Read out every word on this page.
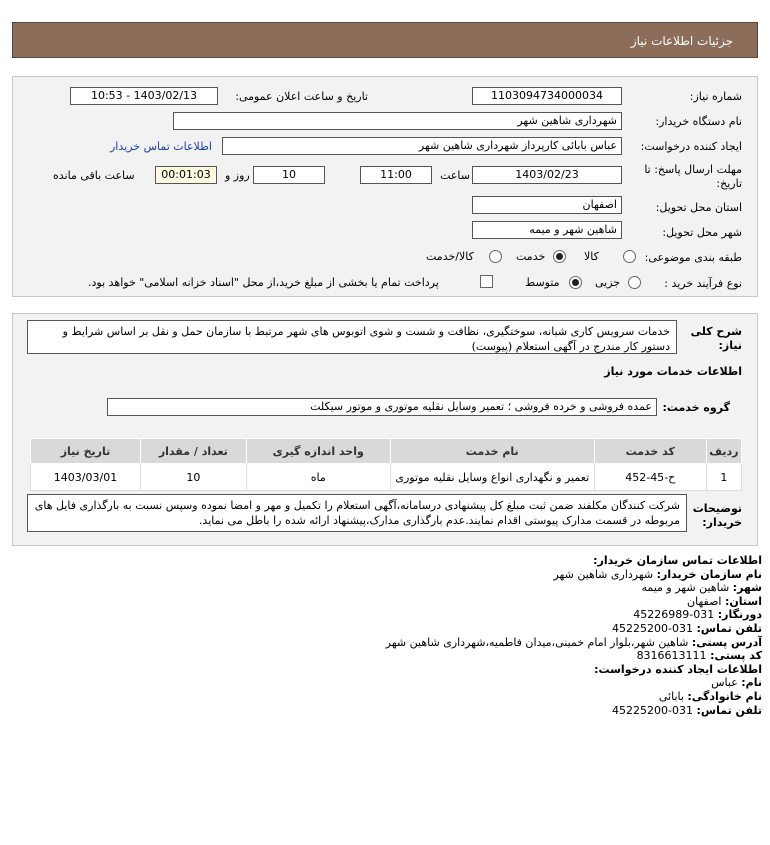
جزئیات اطلاعات نیاز
شماره نیاز:
1103094734000034
تاریخ و ساعت اعلان عمومی:
1403/02/13 - 10:53
نام دستگاه خریدار:
شهرداری شاهین شهر
ایجاد کننده درخواست:
عباس بابائی کارپرداز شهرداری شاهین شهر
اطلاعات تماس خریدار
مهلت ارسال پاسخ: تا
تاریخ:
1403/02/23
ساعت
11:00
10
روز و
00:01:03
ساعت باقی مانده
استان محل تحویل:
اصفهان
شهر محل تحویل:
شاهین شهر و میمه
طبقه بندی موضوعی:
کالا
خدمت
کالا/خدمت
نوع فرآیند خرید :
جزیی
متوسط
پرداخت تمام یا بخشی از مبلغ خرید،از محل "اسناد خزانه اسلامی" خواهد بود.
شرح کلی
نیاز:
خدمات سرویس کاری شبانه، سوختگیری، نظافت و شست و شوی اتوبوس های شهر مرتبط با سازمان حمل و نقل بر اساس شرایط و دستور کار مندرج در آگهی استعلام (پیوست)
اطلاعات خدمات مورد نیاز
گروه خدمت:
عمده فروشی و خرده فروشی ؛ تعمیر وسایل نقلیه موتوری و موتور سیکلت
ردیف	کد خدمت	نام خدمت	واحد اندازه گیری	تعداد / مقدار	تاریخ نیاز
1	ح-45-452	تعمیر و نگهداری انواع وسایل نقلیه موتوری	ماه	10	1403/03/01
توضیحات
خریدار:
شرکت کنندگان مکلفند ضمن ثبت مبلغ کل پیشنهادی درسامانه،آگهی استعلام را تکمیل و مهر و امضا نموده وسپس نسبت به بارگذاری فایل های مربوطه در قسمت مدارک پیوستی اقدام نمایند.عدم بارگذاری مدارک،پیشنهاد ارائه شده را باطل می نماید.
اطلاعات تماس سازمان خریدار:
نام سازمان خریدار: شهرداری شاهین شهر
شهر: شاهین شهر و میمه
استان: اصفهان
دورنگار: 031-45226989
تلفن تماس: 031-45225200
آدرس پستی: شاهین شهر،بلوار امام خمینی،میدان فاطمیه،شهرداری شاهین شهر
کد پستی: 8316613111
اطلاعات ایجاد کننده درخواست:
نام: عباس
نام خانوادگی: بابائی
تلفن تماس: 031-45225200
